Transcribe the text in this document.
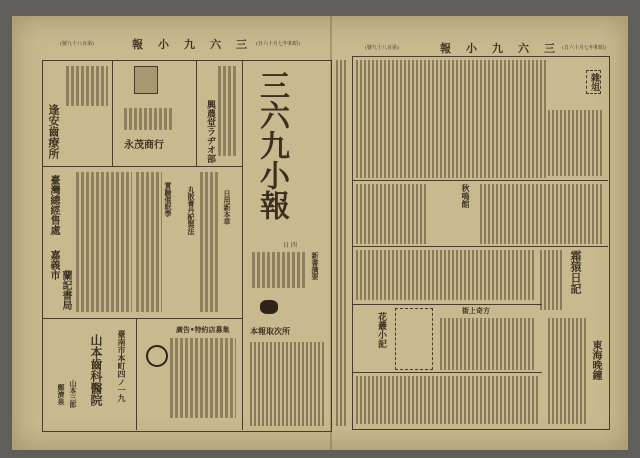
報　小　九　六　三
(號九十八百第)	(日六十月七年和昭)
逢安齒療所	永茂商行	興農堂ラヂオ部
臺灣總經售處
嘉義市
蘭記書局
實驗催眠學 丸散膏丹配製法	日用新本草
臺南市本町四ノ一九
山本齒科醫院
山本三郎
鄭濟泉
廣告•特約店募集
三六九小報
日 四
新書摘要
本報取次所
報　小　九　六　三
(號九十八百第)	(日六十月七年和昭)
秋鳴館
霜猿日記
花叢小記
街上奇方
雜俎
東海晚鐘
